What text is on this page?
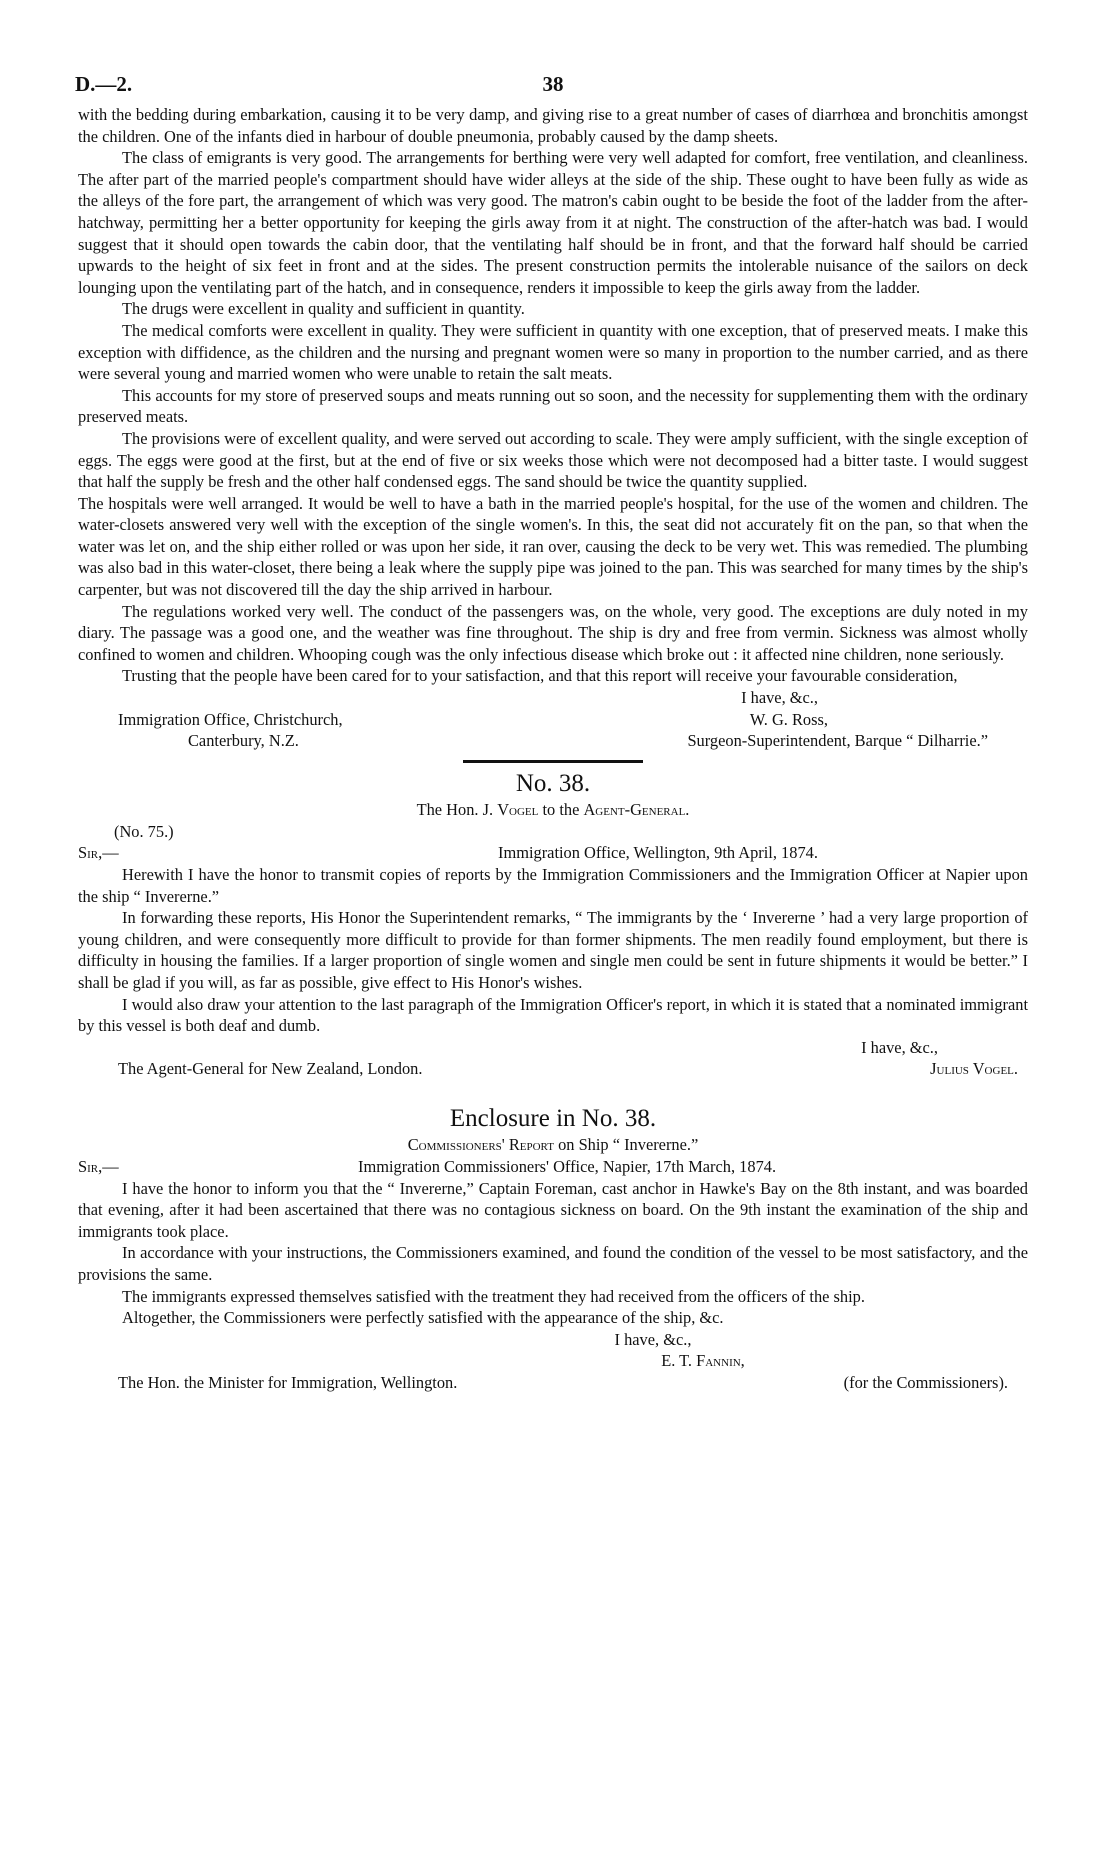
D.—2.	38

with the bedding during embarkation, causing it to be very damp, and giving rise to a great number of cases of diarrhœa and bronchitis amongst the children. One of the infants died in harbour of double pneumonia, probably caused by the damp sheets.

The class of emigrants is very good. The arrangements for berthing were very well adapted for comfort, free ventilation, and cleanliness. The after part of the married people's compartment should have wider alleys at the side of the ship. These ought to have been fully as wide as the alleys of the fore part, the arrangement of which was very good. The matron's cabin ought to be beside the foot of the ladder from the after-hatchway, permitting her a better opportunity for keeping the girls away from it at night. The construction of the after-hatch was bad. I would suggest that it should open towards the cabin door, that the ventilating half should be in front, and that the forward half should be carried upwards to the height of six feet in front and at the sides. The present construction permits the intolerable nuisance of the sailors on deck lounging upon the ventilating part of the hatch, and in consequence, renders it impossible to keep the girls away from the ladder.

The drugs were excellent in quality and sufficient in quantity.

The medical comforts were excellent in quality. They were sufficient in quantity with one exception, that of preserved meats. I make this exception with diffidence, as the children and the nursing and pregnant women were so many in proportion to the number carried, and as there were several young and married women who were unable to retain the salt meats.

This accounts for my store of preserved soups and meats running out so soon, and the necessity for supplementing them with the ordinary preserved meats.

The provisions were of excellent quality, and were served out according to scale. They were amply sufficient, with the single exception of eggs. The eggs were good at the first, but at the end of five or six weeks those which were not decomposed had a bitter taste. I would suggest that half the supply be fresh and the other half condensed eggs. The sand should be twice the quantity supplied.

The hospitals were well arranged. It would be well to have a bath in the married people's hospital, for the use of the women and children. The water-closets answered very well with the exception of the single women's. In this, the seat did not accurately fit on the pan, so that when the water was let on, and the ship either rolled or was upon her side, it ran over, causing the deck to be very wet. This was remedied. The plumbing was also bad in this water-closet, there being a leak where the supply pipe was joined to the pan. This was searched for many times by the ship's carpenter, but was not discovered till the day the ship arrived in harbour.

The regulations worked very well. The conduct of the passengers was, on the whole, very good. The exceptions are duly noted in my diary. The passage was a good one, and the weather was fine throughout. The ship is dry and free from vermin. Sickness was almost wholly confined to women and children. Whooping cough was the only infectious disease which broke out : it affected nine children, none seriously.

Trusting that the people have been cared for to your satisfaction, and that this report will receive your favourable consideration,

I have, &c.,
Immigration Office, Christchurch,	W. G. Ross,
Canterbury, N.Z.	Surgeon-Superintendent, Barque “ Dilharrie.”
No. 38.
The Hon. J. Vogel to the Agent-General.
(No. 75.)
Sir,—	Immigration Office, Wellington, 9th April, 1874.

Herewith I have the honor to transmit copies of reports by the Immigration Commissioners and the Immigration Officer at Napier upon the ship “ Invererne.”

In forwarding these reports, His Honor the Superintendent remarks, “ The immigrants by the ‘ Invererne ’ had a very large proportion of young children, and were consequently more difficult to provide for than former shipments. The men readily found employment, but there is difficulty in housing the families. If a larger proportion of single women and single men could be sent in future shipments it would be better.” I shall be glad if you will, as far as possible, give effect to His Honor's wishes.

I would also draw your attention to the last paragraph of the Immigration Officer's report, in which it is stated that a nominated immigrant by this vessel is both deaf and dumb.

I have, &c.,
The Agent-General for New Zealand, London.	Julius Vogel.
Enclosure in No. 38.
Commissioners' Report on Ship “ Invererne.”
Sir,—	Immigration Commissioners' Office, Napier, 17th March, 1874.

I have the honor to inform you that the “ Invererne,” Captain Foreman, cast anchor in Hawke's Bay on the 8th instant, and was boarded that evening, after it had been ascertained that there was no contagious sickness on board. On the 9th instant the examination of the ship and immigrants took place.

In accordance with your instructions, the Commissioners examined, and found the condition of the vessel to be most satisfactory, and the provisions the same.

The immigrants expressed themselves satisfied with the treatment they had received from the officers of the ship.

Altogether, the Commissioners were perfectly satisfied with the appearance of the ship, &c.

I have, &c.,
E. T. Fannin,
The Hon. the Minister for Immigration, Wellington.	(for the Commissioners).
